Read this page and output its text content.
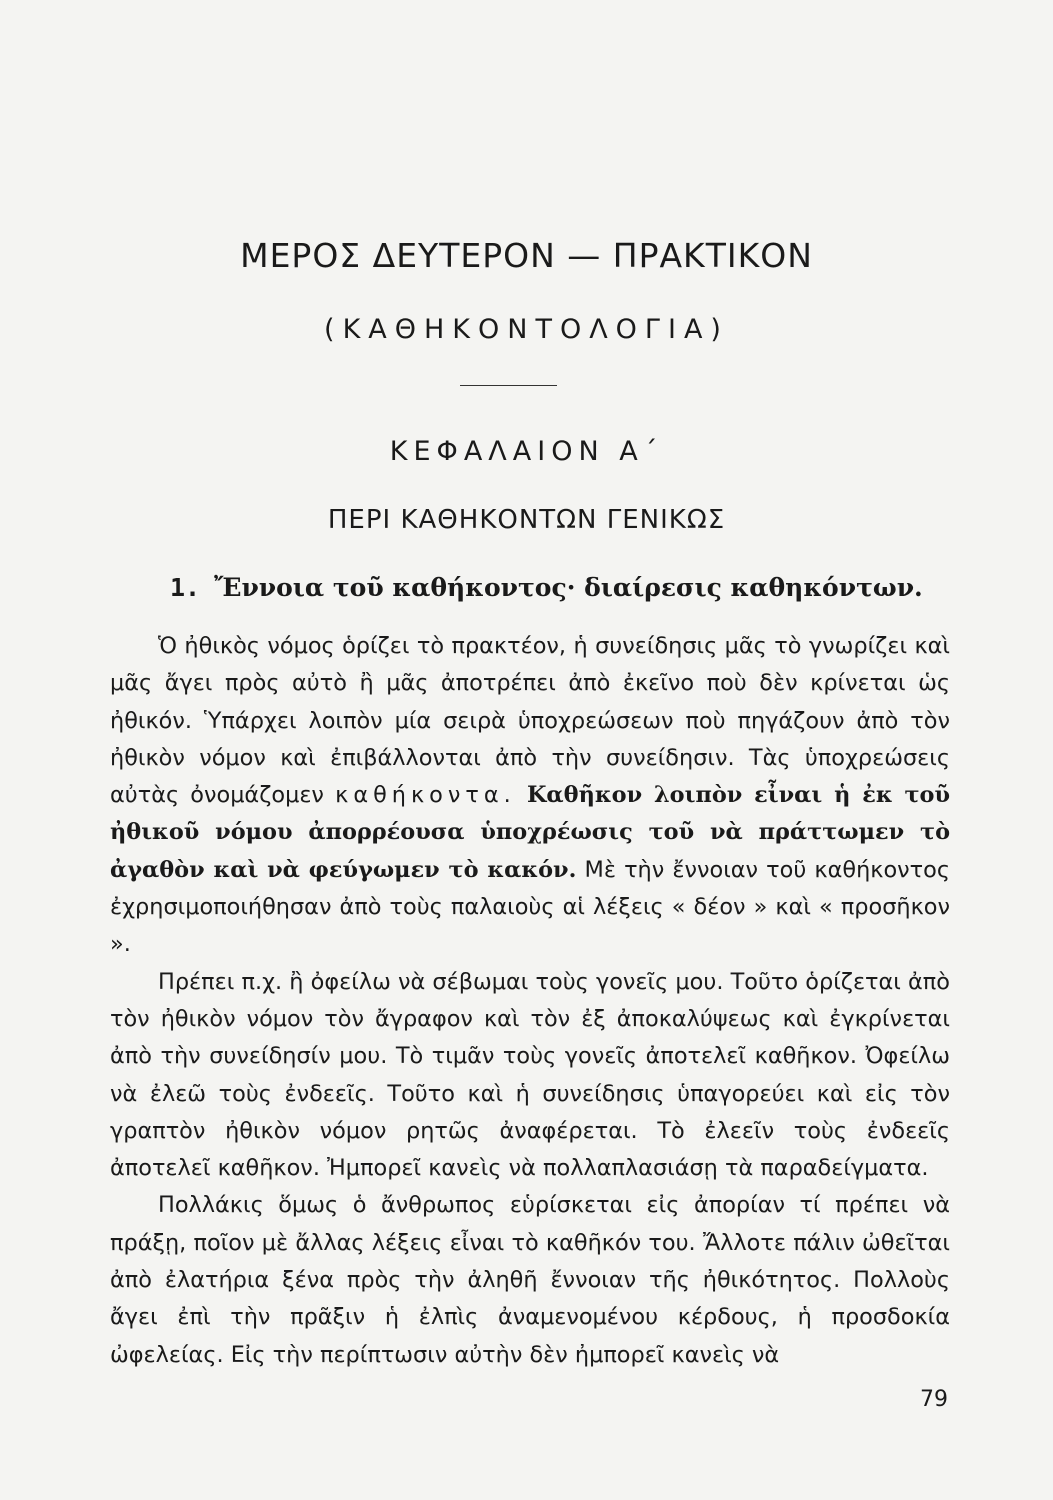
ΜΕΡΟΣ ΔΕΥΤΕΡΟΝ — ΠΡΑΚΤΙΚΟΝ
(ΚΑΘΗΚΟΝΤΟΛΟΓΙΑ)
ΚΕΦΑΛΑΙΟΝ Α΄
ΠΕΡΙ ΚΑΘΗΚΟΝΤΩΝ ΓΕΝΙΚΩΣ
1. Ἔννοια τοῦ καθήκοντος· διαίρεσις καθηκόντων.

Ὁ ἠθικὸς νόμος ὁρίζει τὸ πρακτέον, ἡ συνείδησις μᾶς τὸ γνωρίζει καὶ μᾶς ἄγει πρὸς αὐτὸ ἢ μᾶς ἀποτρέπει ἀπὸ ἐκεῖνο ποὺ δὲν κρίνεται ὡς ἠθικόν. Ὑπάρχει λοιπὸν μία σειρὰ ὑποχρεώσεων ποὺ πηγάζουν ἀπὸ τὸν ἠθικὸν νόμον καὶ ἐπιβάλλονται ἀπὸ τὴν συνείδησιν. Τὰς ὑποχρεώσεις αὐτὰς ὀνομάζομεν καθήκοντα. Καθῆκον λοιπὸν εἶναι ἡ ἐκ τοῦ ἠθικοῦ νόμου ἀπορρέουσα ὑποχρέωσις τοῦ νὰ πράττωμεν τὸ ἀγαθὸν καὶ νὰ φεύγωμεν τὸ κακόν. Μὲ τὴν ἔννοιαν τοῦ καθήκοντος ἐχρησιμοποιήθησαν ἀπὸ τοὺς παλαιοὺς αἱ λέξεις « δέον » καὶ « προσῆκον ».

Πρέπει π.χ. ἢ ὀφείλω νὰ σέβωμαι τοὺς γονεῖς μου. Τοῦτο ὁρίζεται ἀπὸ τὸν ἠθικὸν νόμον τὸν ἄγραφον καὶ τὸν ἐξ ἀποκαλύψεως καὶ ἐγκρίνεται ἀπὸ τὴν συνείδησίν μου. Τὸ τιμᾶν τοὺς γονεῖς ἀποτελεῖ καθῆκον. Ὀφείλω νὰ ἐλεῶ τοὺς ἐνδεεῖς. Τοῦτο καὶ ἡ συνείδησις ὑπαγορεύει καὶ εἰς τὸν γραπτὸν ἠθικὸν νόμον ρητῶς ἀναφέρεται. Τὸ ἐλεεῖν τοὺς ἐνδεεῖς ἀποτελεῖ καθῆκον. Ἠμπορεῖ κανεὶς νὰ πολλαπλασιάσῃ τὰ παραδείγματα.

Πολλάκις ὅμως ὁ ἄνθρωπος εὑρίσκεται εἰς ἀπορίαν τί πρέπει νὰ πράξῃ, ποῖον μὲ ἄλλας λέξεις εἶναι τὸ καθῆκόν του. Ἄλλοτε πάλιν ὠθεῖται ἀπὸ ἐλατήρια ξένα πρὸς τὴν ἀληθῆ ἔννοιαν τῆς ἠθικότητος. Πολλοὺς ἄγει ἐπὶ τὴν πρᾶξιν ἡ ἐλπὶς ἀναμενομένου κέρδους, ἡ προσδοκία ὠφελείας. Εἰς τὴν περίπτωσιν αὐτὴν δὲν ἠμπορεῖ κανεὶς νὰ

79
